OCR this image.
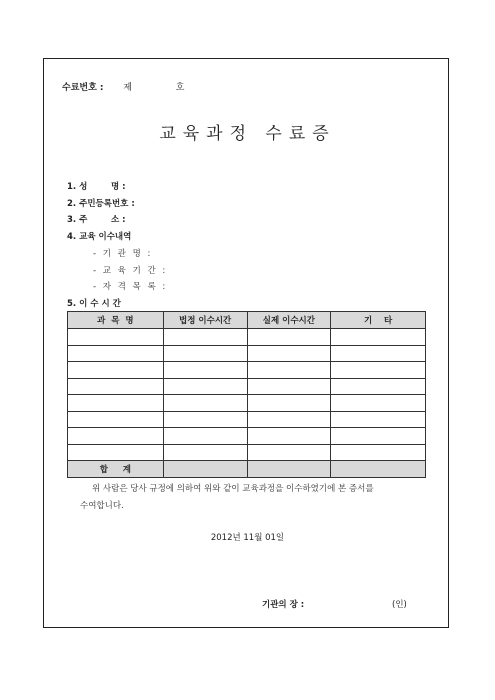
수료번호 : 제	호
교육과정 수료증
1. 성        명 :
2. 주민등록번호 :
3. 주        소 :
4. 교육 이수내역
- 기 관 명 :
- 교 육 기 간 :
- 자 격 목 록 :
5. 이 수 시 간
과  목  명	법정 이수시간	실제 이수시간	기    타

합     계			
위 사람은 당사 규정에 의하여 위와 같이 교육과정을 이수하였기에 본 증서를
수여합니다.
2012년 11월 01일
기관의 장 :	(인)
